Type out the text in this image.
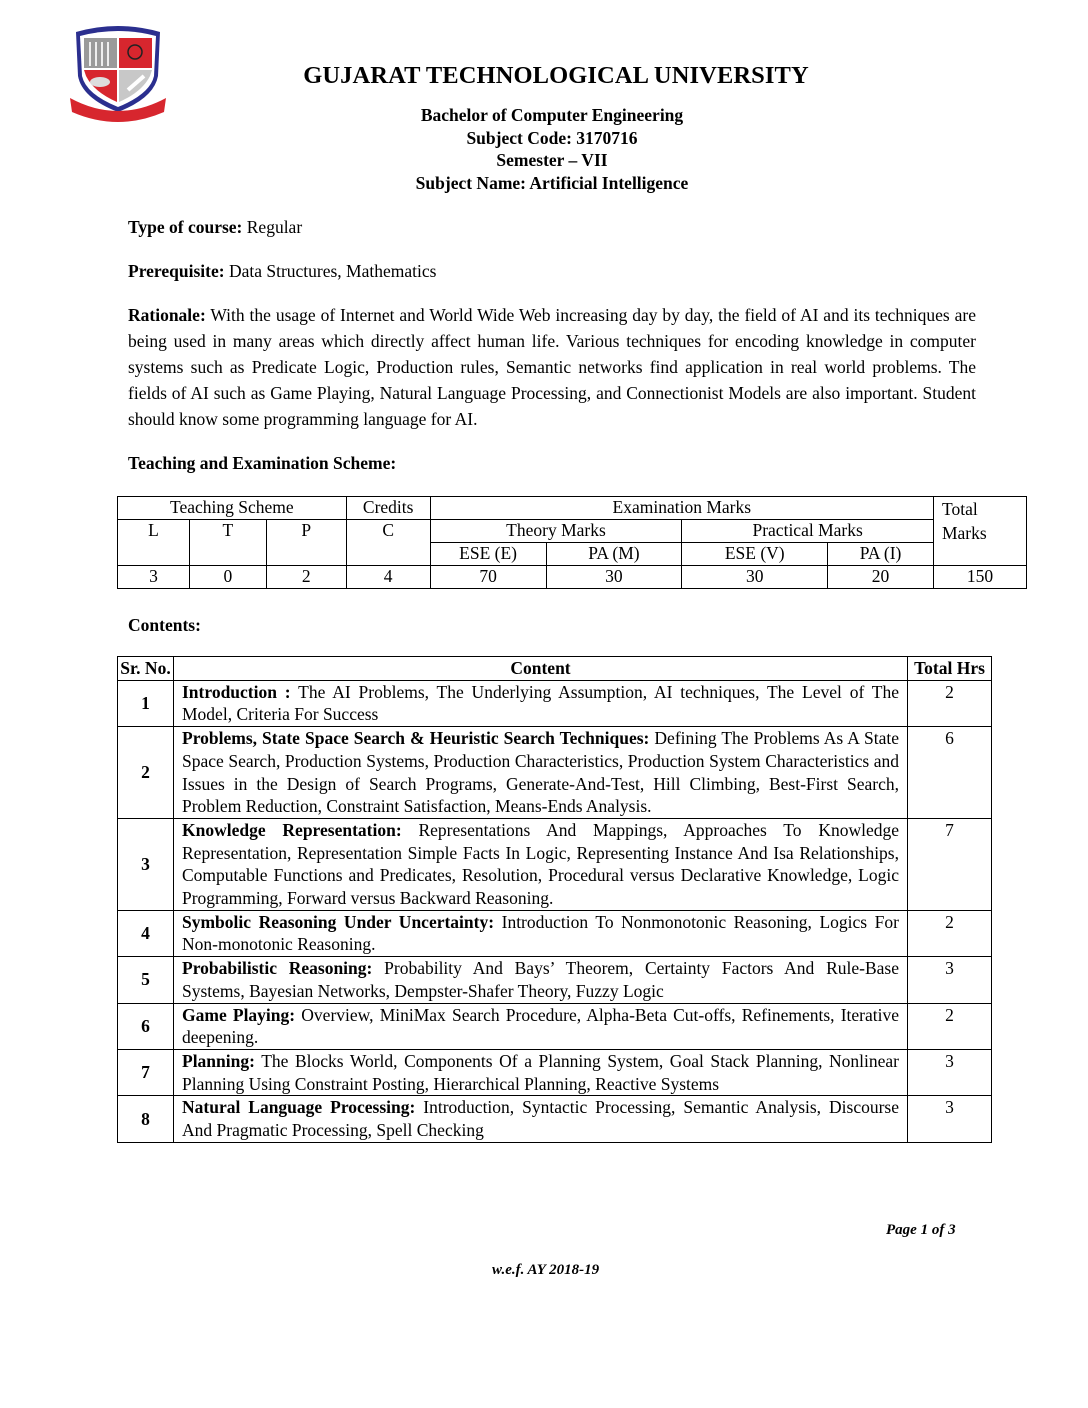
GUJARAT TECHNOLOGICAL UNIVERSITY
Bachelor of Computer Engineering
Subject Code: 3170716
Semester – VII
Subject Name: Artificial Intelligence
Type of course: Regular
Prerequisite: Data Structures, Mathematics
Rationale: With the usage of Internet and World Wide Web increasing day by day, the field of AI and its techniques are being used in many areas which directly affect human life. Various techniques for encoding knowledge in computer systems such as Predicate Logic, Production rules, Semantic networks find application in real world problems. The fields of AI such as Game Playing, Natural Language Processing, and Connectionist Models are also important. Student should know some programming language for AI.
Teaching and Examination Scheme:
Teaching Scheme			Credits	Examination Marks				Total Marks
L	T	P	C	Theory Marks		Practical Marks		
				ESE (E)	PA (M)	ESE (V)	PA (I)	
3	0	2	4	70	30	30	20	150
Contents:
Sr. No.	Content	Total Hrs
1	Introduction : The AI Problems, The Underlying Assumption, AI techniques, The Level of The Model, Criteria For Success	2
2	Problems, State Space Search & Heuristic Search Techniques: Defining The Problems As A State Space Search, Production Systems, Production Characteristics, Production System Characteristics and Issues in the Design of Search Programs, Generate-And-Test, Hill Climbing, Best-First Search, Problem Reduction, Constraint Satisfaction, Means-Ends Analysis.	6
3	Knowledge Representation: Representations And Mappings, Approaches To Knowledge Representation, Representation Simple Facts In Logic, Representing Instance And Isa Relationships, Computable Functions and Predicates, Resolution, Procedural versus Declarative Knowledge, Logic Programming, Forward versus Backward Reasoning.	7
4	Symbolic Reasoning Under Uncertainty: Introduction To Nonmonotonic Reasoning, Logics For Non-monotonic Reasoning.	2
5	Probabilistic Reasoning: Probability And Bays’ Theorem, Certainty Factors And Rule-Base Systems, Bayesian Networks, Dempster-Shafer Theory, Fuzzy Logic	3
6	Game Playing: Overview, MiniMax Search Procedure, Alpha-Beta Cut-offs, Refinements, Iterative deepening.	2
7	Planning: The Blocks World, Components Of a Planning System, Goal Stack Planning, Nonlinear Planning Using Constraint Posting, Hierarchical Planning, Reactive Systems	3
8	Natural Language Processing: Introduction, Syntactic Processing, Semantic Analysis, Discourse And Pragmatic Processing, Spell Checking	3
Page 1 of 3
w.e.f. AY 2018-19
